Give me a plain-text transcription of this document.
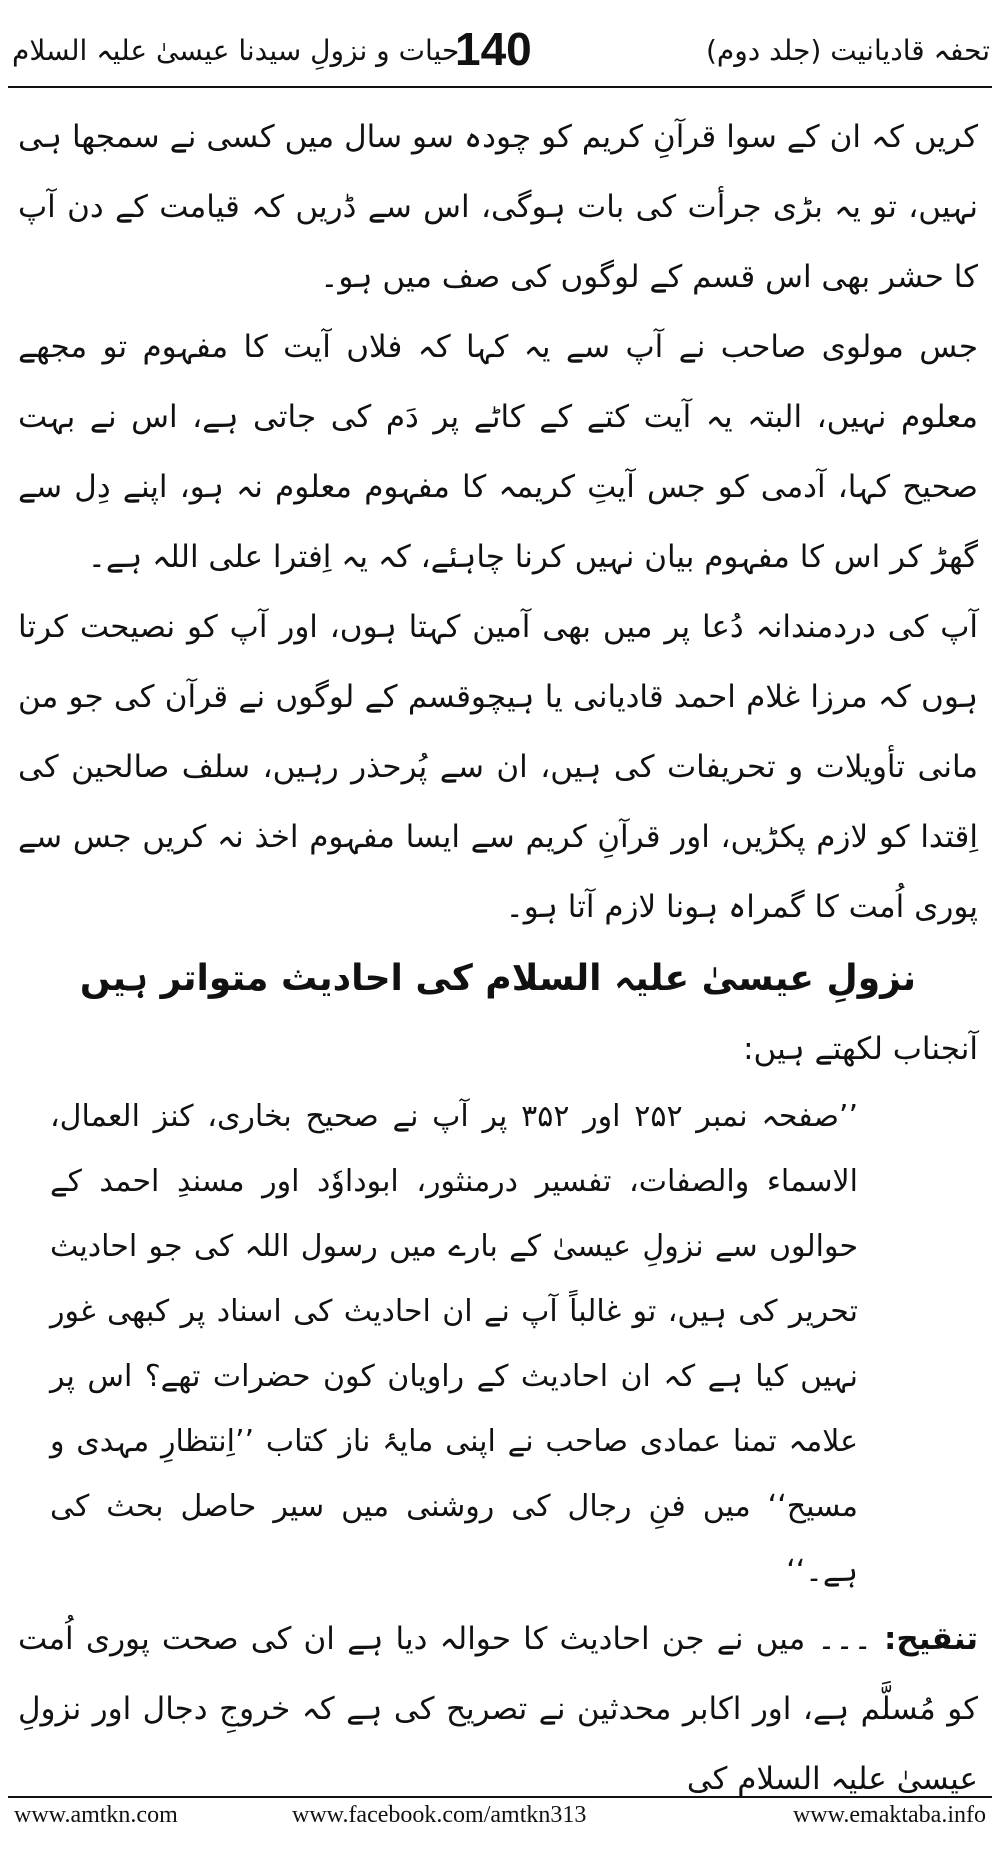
تحفہ قادیانیت (جلد دوم)
140
حیات و نزولِ سیدنا عیسیٰ علیہ السلام

کریں کہ ان کے سوا قرآنِ کریم کو چودہ سو سال میں کسی نے سمجھا ہی نہیں، تو یہ بڑی جرأت کی بات ہوگی، اس سے ڈریں کہ قیامت کے دن آپ کا حشر بھی اس قسم کے لوگوں کی صف میں ہو۔

جس مولوی صاحب نے آپ سے یہ کہا کہ فلاں آیت کا مفہوم تو مجھے معلوم نہیں، البتہ یہ آیت کتے کے کاٹے پر دَم کی جاتی ہے، اس نے بہت صحیح کہا، آدمی کو جس آیتِ کریمہ کا مفہوم معلوم نہ ہو، اپنے دِل سے گھڑ کر اس کا مفہوم بیان نہیں کرنا چاہئے، کہ یہ اِفترا علی اللہ ہے۔

آپ کی دردمندانہ دُعا پر میں بھی آمین کہتا ہوں، اور آپ کو نصیحت کرتا ہوں کہ مرزا غلام احمد قادیانی یا ہیچوقسم کے لوگوں نے قرآن کی جو من مانی تأویلات و تحریفات کی ہیں، ان سے پُرحذر رہیں، سلف صالحین کی اِقتدا کو لازم پکڑیں، اور قرآنِ کریم سے ایسا مفہوم اخذ نہ کریں جس سے پوری اُمت کا گمراہ ہونا لازم آتا ہو۔

نزولِ عیسیٰ علیہ السلام کی احادیث متواتر ہیں

آنجناب لکھتے ہیں:

’’صفحہ نمبر ۲۵۲ اور ۳۵۲ پر آپ نے صحیح بخاری، کنز العمال، الاسماء والصفات، تفسیر درمنثور، ابوداوٗد اور مسندِ احمد کے حوالوں سے نزولِ عیسیٰ کے بارے میں رسول اللہ کی جو احادیث تحریر کی ہیں، تو غالباً آپ نے ان احادیث کی اسناد پر کبھی غور نہیں کیا ہے کہ ان احادیث کے راویان کون حضرات تھے؟ اس پر علامہ تمنا عمادی صاحب نے اپنی مایۂ ناز کتاب ’’اِنتظارِ مہدی و مسیح‘‘ میں فنِ رجال کی روشنی میں سیر حاصل بحث کی ہے۔‘‘

تنقیح: ۔۔۔ میں نے جن احادیث کا حوالہ دیا ہے ان کی صحت پوری اُمت کو مُسلَّم ہے، اور اکابر محدثین نے تصریح کی ہے کہ خروجِ دجال اور نزولِ عیسیٰ علیہ السلام کی

www.amtkn.com	www.facebook.com/amtkn313	www.emaktaba.info
